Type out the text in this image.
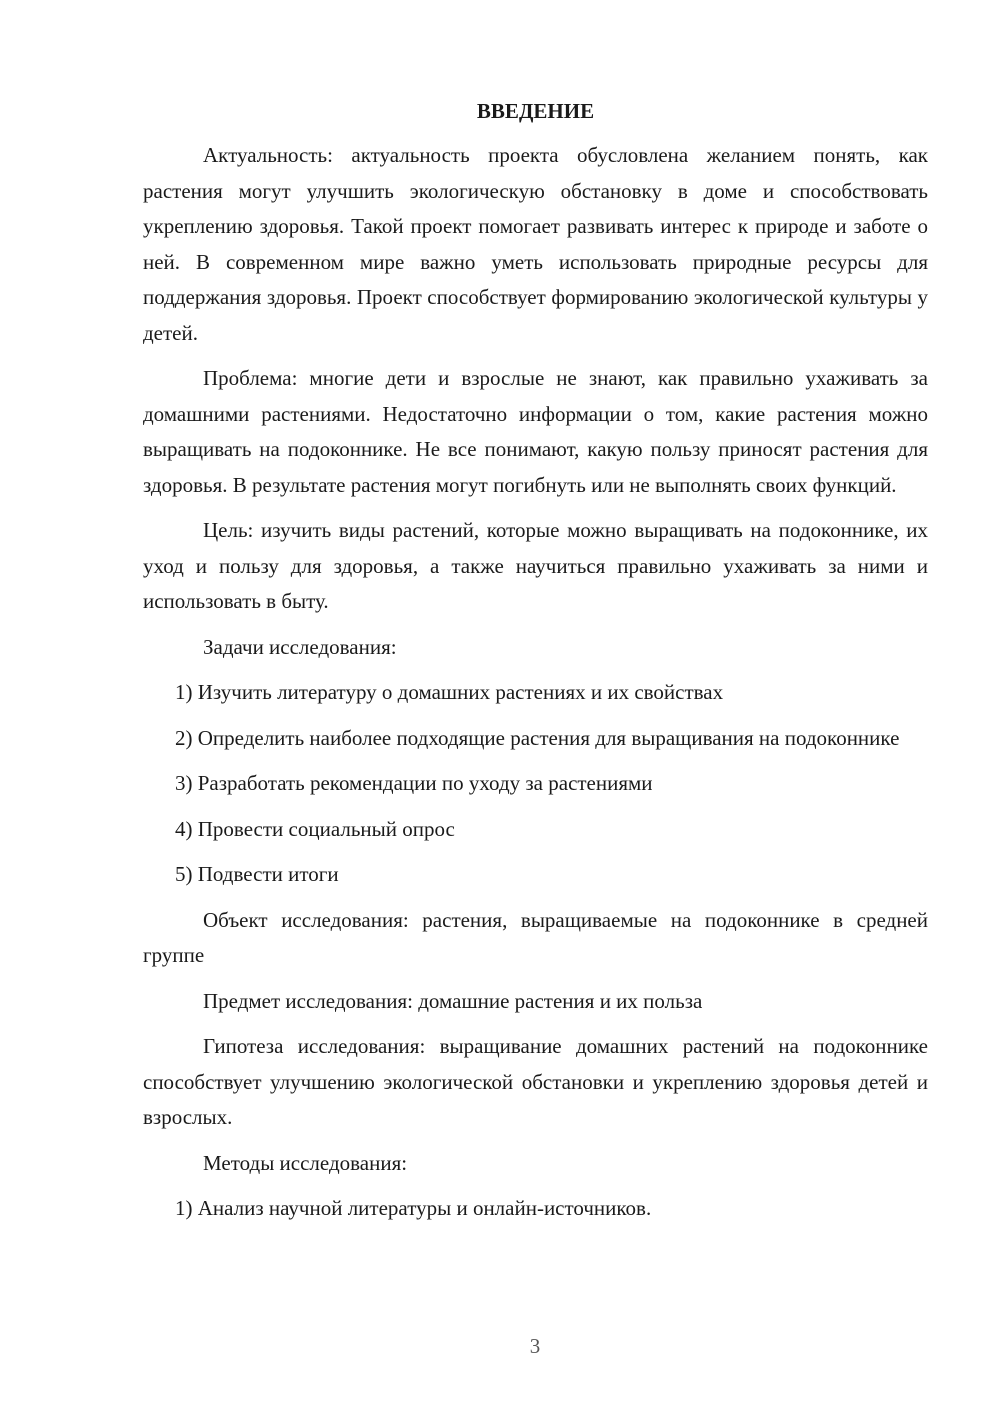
ВВЕДЕНИЕ

Актуальность: актуальность проекта обусловлена желанием понять, как растения могут улучшить экологическую обстановку в доме и способствовать укреплению здоровья. Такой проект помогает развивать интерес к природе и заботе о ней. В современном мире важно уметь использовать природные ресурсы для поддержания здоровья. Проект способствует формированию экологической культуры у детей.

Проблема: многие дети и взрослые не знают, как правильно ухаживать за домашними растениями. Недостаточно информации о том, какие растения можно выращивать на подоконнике. Не все понимают, какую пользу приносят растения для здоровья. В результате растения могут погибнуть или не выполнять своих функций.

Цель: изучить виды растений, которые можно выращивать на подоконнике, их уход и пользу для здоровья, а также научиться правильно ухаживать за ними и использовать в быту.

Задачи исследования:

1) Изучить литературу о домашних растениях и их свойствах

2) Определить наиболее подходящие растения для выращивания на подоконнике

3) Разработать рекомендации по уходу за растениями

4) Провести социальный опрос

5) Подвести итоги

Объект исследования: растения, выращиваемые на подоконнике в средней группе

Предмет исследования: домашние растения и их польза

Гипотеза исследования: выращивание домашних растений на подоконнике способствует улучшению экологической обстановки и укреплению здоровья детей и взрослых.

Методы исследования:

1) Анализ научной литературы и онлайн-источников.

3
